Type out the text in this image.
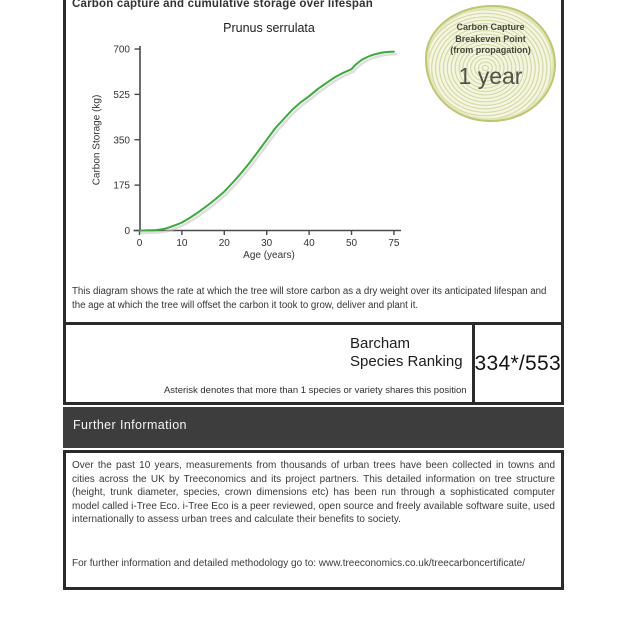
Carbon capture and cumulative storage over lifespan
Prunus serrulata
0
175
350
525
700
0	10	20	30	40	50	75
Carbon Storage (kg)
Age (years)
This diagram shows the rate at which the tree will store carbon as a dry weight over its anticipated lifespan and the age at which the tree will offset the carbon it took to grow, deliver and plant it.
Carbon Capture
Breakeven Point
(from propagation)
1 year
Barcham
Species Ranking
Asterisk denotes that more than 1 species or variety shares this position
334*/553
Further Information

Over the past 10 years, measurements from thousands of urban trees have been collected in towns and cities across the UK by Treeconomics and its project partners. This detailed information on tree structure (height, trunk diameter, species, crown dimensions etc) has been run through a sophisticated computer model called i-Tree Eco. i-Tree Eco is a peer reviewed, open source and freely available software suite, used internationally to assess urban trees and calculate their benefits to society.

For further information and detailed methodology go to: www.treeconomics.co.uk/treecarboncertificate/
